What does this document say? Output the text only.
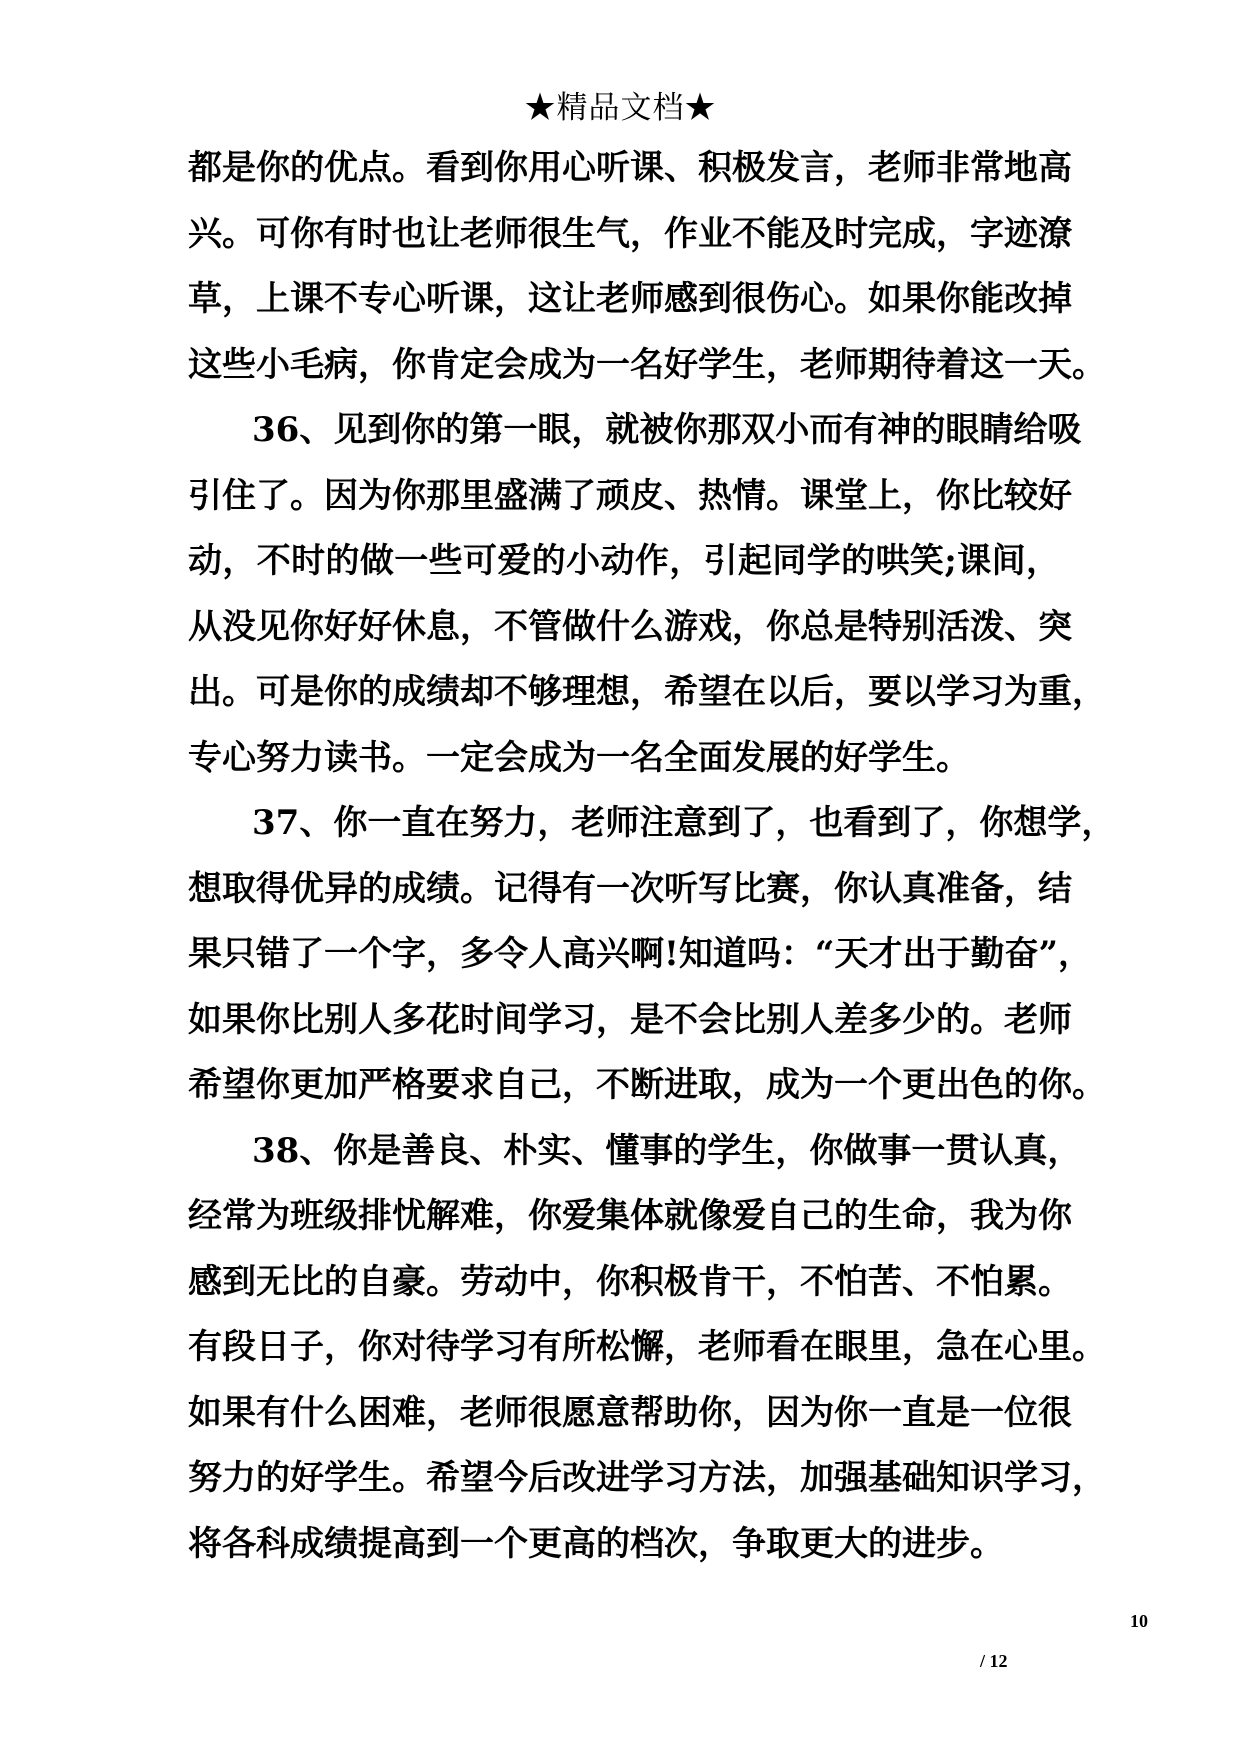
★精品文档★
都是你的优点。看到你用心听课、积极发言，老师非常地高
兴。可你有时也让老师很生气，作业不能及时完成，字迹潦
草，上课不专心听课，这让老师感到很伤心。如果你能改掉
这些小毛病，你肯定会成为一名好学生，老师期待着这一天。
36、见到你的第一眼，就被你那双小而有神的眼睛给吸
引住了。因为你那里盛满了顽皮、热情。课堂上，你比较好
动，不时的做一些可爱的小动作，引起同学的哄笑;课间，
从没见你好好休息，不管做什么游戏，你总是特别活泼、突
出。可是你的成绩却不够理想，希望在以后，要以学习为重，
专心努力读书。一定会成为一名全面发展的好学生。
37、你一直在努力，老师注意到了，也看到了，你想学，
想取得优异的成绩。记得有一次听写比赛，你认真准备，结
果只错了一个字，多令人高兴啊!知道吗：“天才出于勤奋”，
如果你比别人多花时间学习，是不会比别人差多少的。老师
希望你更加严格要求自己，不断进取，成为一个更出色的你。
38、你是善良、朴实、懂事的学生，你做事一贯认真，
经常为班级排忧解难，你爱集体就像爱自己的生命，我为你
感到无比的自豪。劳动中，你积极肯干，不怕苦、不怕累。
有段日子，你对待学习有所松懈，老师看在眼里，急在心里。
如果有什么困难，老师很愿意帮助你，因为你一直是一位很
努力的好学生。希望今后改进学习方法，加强基础知识学习，
将各科成绩提高到一个更高的档次，争取更大的进步。
10
/ 12
